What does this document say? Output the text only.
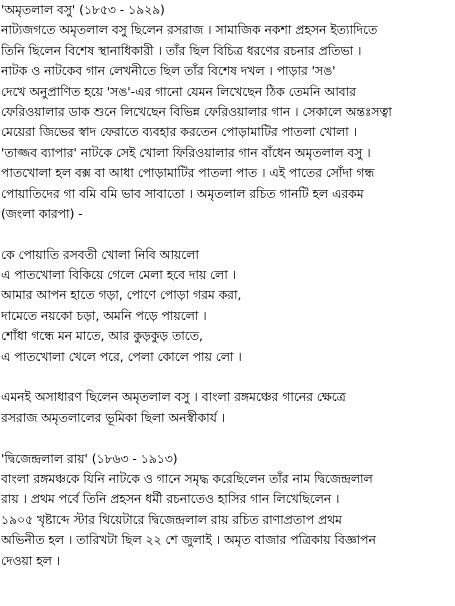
'অমৃতলাল বসু' (১৮৫৩ - ১৯২৯)
নাট্যজগতে অমৃতলাল বসু ছিলেন রসরাজ । সামাজিক নকশা প্রহসন ইত্যাদিতে
তিনি ছিলেন বিশেষ স্থানাধিকারী । তাঁর ছিল বিচিত্র ধরণের রচনার প্রতিভা ।
নাটক ও নাটকেব গান লেখনীতে ছিল তাঁর বিশেষ দখল । পাড়ার 'সঙ'
দেখে অনুপ্রাণিত হয়ে 'সঙ'-এর গানো যেমন লিখেছেন ঠিক তেমনি আবার
ফেরিওয়ালার ডাক শুনে লিখেছেন বিভিন্ন ফেরিওয়ালার গান । সেকালে অন্তঃসত্বা
মেয়েরা জিভের স্বাদ ফেরাতে ব্যবহার করতেন পোড়ামাটির পাতলা খোলা ।
'তাজ্জব ব্যাপার' নাটকে সেই খোলা ফিরিওয়ালার গান বাঁধেন অমৃতলাল বসু ।
পাতখোলা হল বক্স বা আধা পোড়ামাটির পাতলা পাত । এই পাতের সোঁদা গন্ধ
পোয়াতিদের গা বমি বমি ভাব সাবাতো । অমৃতলাল রচিত গানটি হল এরকম
(জংলা কারপা) -
কে পোয়াতি রসবতী খোলা নিবি আয়লো
এ পাতখোলা বিকিয়ে গেলে মেলা হবে দায় লো ।
আমার আপন হাতে গড়া, পোণে পোড়া গরম করা,
দামেতে নয়কো চড়া, অমনি পড়ে পায়লো ।
শোঁধা গন্ধে মন মাতে, আর কুড়কুড় তাতে,
এ পাতখোলা খেলে পরে, পেলা কোলে পায় লো ।
এমনই অসাধারণ ছিলেন অমৃতলাল বসু । বাংলা রঙ্গমঞ্চের গানের ক্ষেত্রে
রসরাজ অমৃতলালের ভূমিকা ছিলা অনস্বীকার্য ।
'দ্বিজেন্দ্রলাল রায়' (১৮৬৩ - ১৯১৩)
বাংলা রঙ্গমঞ্চকে যিনি নাটকে ও গানে সমৃদ্ধ করেছিলেন তাঁর নাম দ্বিজেন্দ্রলাল
রায় । প্রথম পর্বে তিনি প্রহসন ধর্মী রচনাতেও হাসির গান লিখেছিলেন ।
১৯০৫ খৃষ্টাব্দে স্টার থিয়েটারে দ্বিজেন্দ্রলাল রায় রচিত রাণাপ্রতাপ প্রথম
অভিনীত হল । তারিখটা ছিল ২২ শে জুলাই । অমৃত বাজার পত্রিকায় বিজ্ঞাপন
দেওয়া হল ।
